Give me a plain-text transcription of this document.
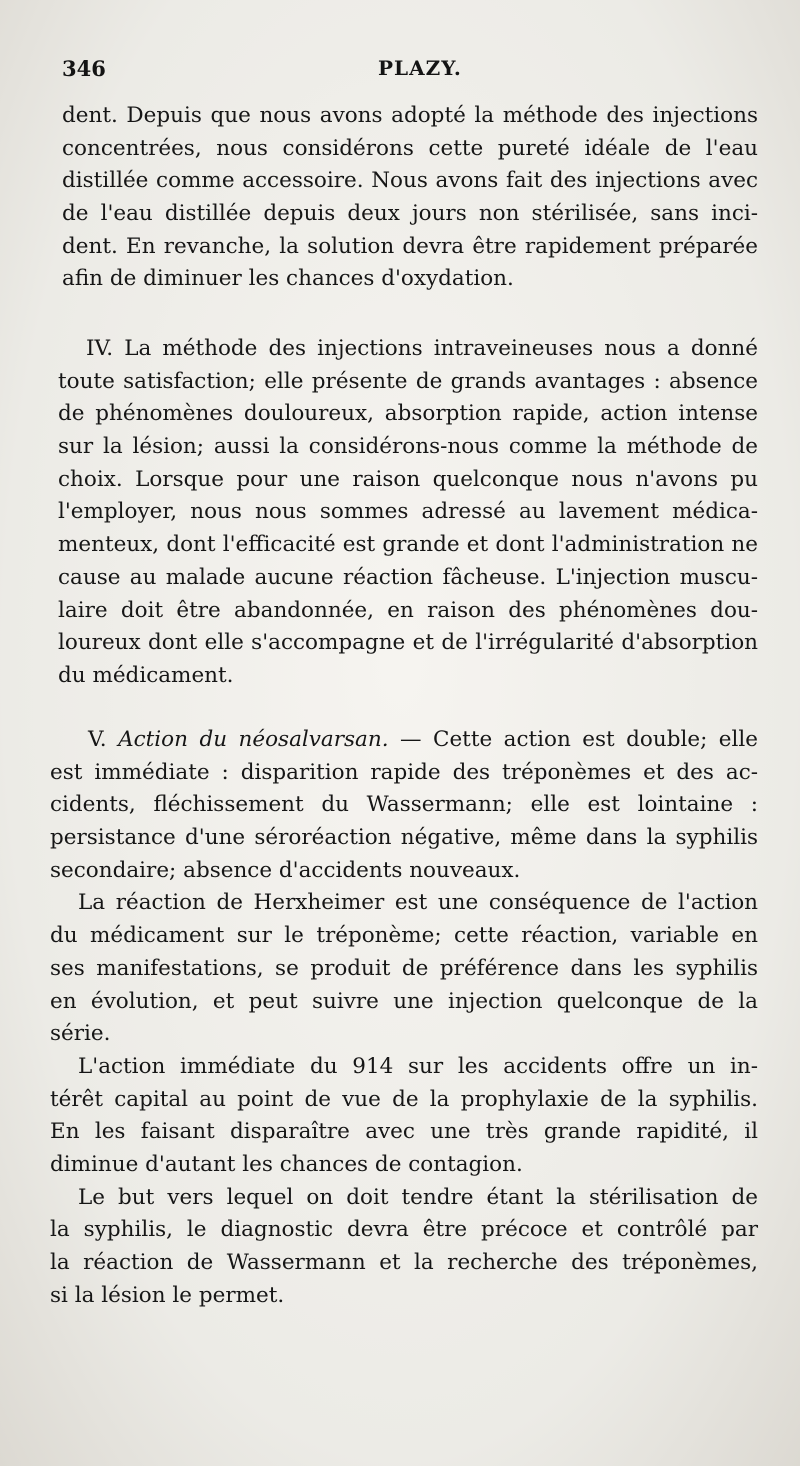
346	PLAZY.
dent. Depuis que nous avons adopté la méthode des injections
concentrées, nous considérons cette pureté idéale de l'eau
distillée comme accessoire. Nous avons fait des injections avec
de l'eau distillée depuis deux jours non stérilisée, sans inci-
dent. En revanche, la solution devra être rapidement préparée
afin de diminuer les chances d'oxydation.
IV. La méthode des injections intraveineuses nous a donné
toute satisfaction; elle présente de grands avantages : absence
de phénomènes douloureux, absorption rapide, action intense
sur la lésion; aussi la considérons-nous comme la méthode de
choix. Lorsque pour une raison quelconque nous n'avons pu
l'employer, nous nous sommes adressé au lavement médica-
menteux, dont l'efficacité est grande et dont l'administration ne
cause au malade aucune réaction fâcheuse. L'injection muscu-
laire doit être abandonnée, en raison des phénomènes dou-
loureux dont elle s'accompagne et de l'irrégularité d'absorption
du médicament.
V. Action du néosalvarsan. — Cette action est double; elle
est immédiate : disparition rapide des tréponèmes et des ac-
cidents, fléchissement du Wassermann; elle est lointaine :
persistance d'une séroréaction négative, même dans la syphilis
secondaire; absence d'accidents nouveaux.
La réaction de Herxheimer est une conséquence de l'action
du médicament sur le tréponème; cette réaction, variable en
ses manifestations, se produit de préférence dans les syphilis
en évolution, et peut suivre une injection quelconque de la
série.
L'action immédiate du 914 sur les accidents offre un in-
térêt capital au point de vue de la prophylaxie de la syphilis.
En les faisant disparaître avec une très grande rapidité, il
diminue d'autant les chances de contagion.
Le but vers lequel on doit tendre étant la stérilisation de
la syphilis, le diagnostic devra être précoce et contrôlé par
la réaction de Wassermann et la recherche des tréponèmes,
si la lésion le permet.
